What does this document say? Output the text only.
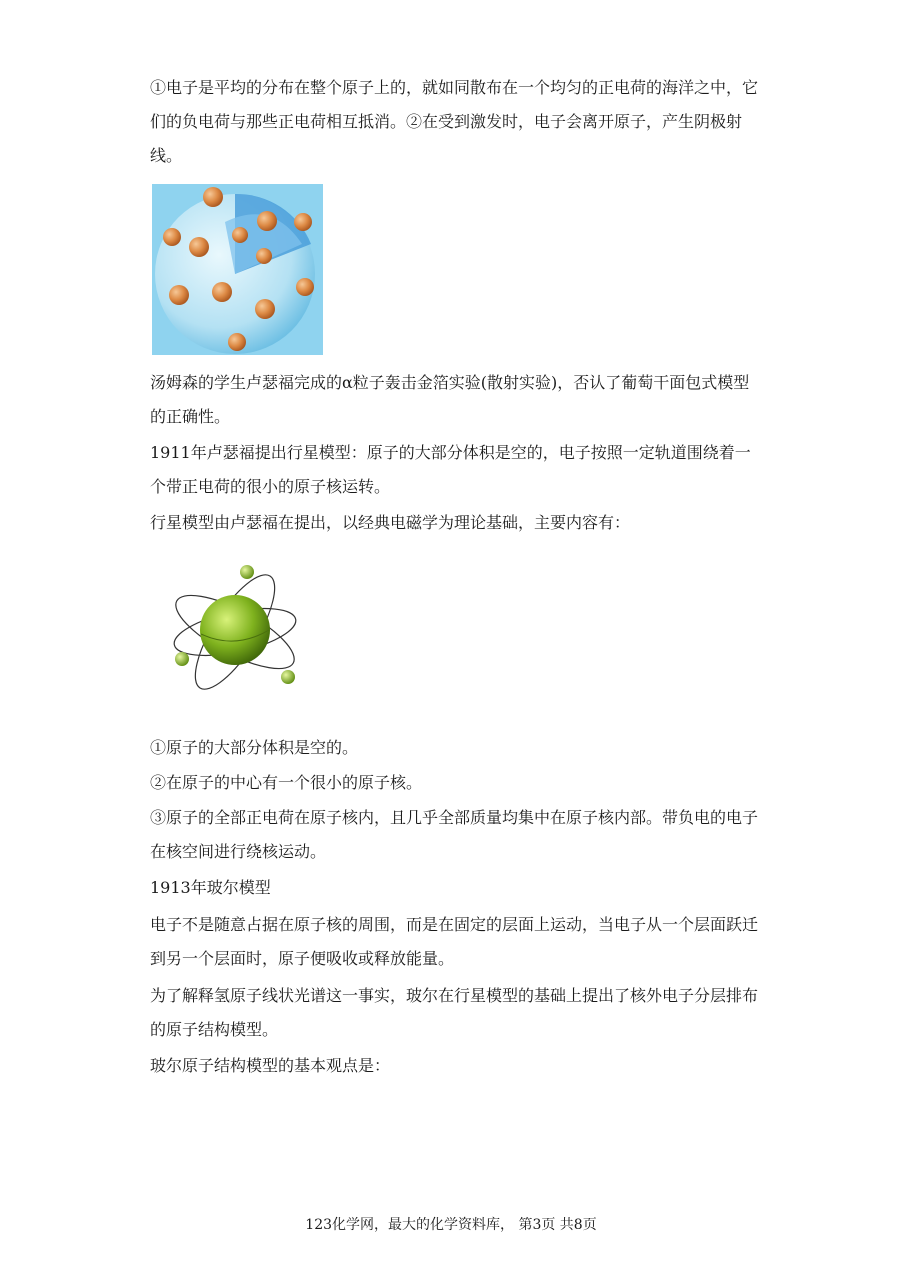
①电子是平均的分布在整个原子上的，就如同散布在一个均匀的正电荷的海洋之中，它们的负电荷与那些正电荷相互抵消。②在受到激发时，电子会离开原子，产生阴极射线。

汤姆森的学生卢瑟福完成的α粒子轰击金箔实验(散射实验)，否认了葡萄干面包式模型的正确性。

1911年卢瑟福提出行星模型：原子的大部分体积是空的，电子按照一定轨道围绕着一个带正电荷的很小的原子核运转。

行星模型由卢瑟福在提出，以经典电磁学为理论基础，主要内容有：

①原子的大部分体积是空的。

②在原子的中心有一个很小的原子核。

③原子的全部正电荷在原子核内，且几乎全部质量均集中在原子核内部。带负电的电子在核空间进行绕核运动。

1913年玻尔模型

电子不是随意占据在原子核的周围，而是在固定的层面上运动，当电子从一个层面跃迁到另一个层面时，原子便吸收或释放能量。

为了解释氢原子线状光谱这一事实，玻尔在行星模型的基础上提出了核外电子分层排布的原子结构模型。

玻尔原子结构模型的基本观点是：

123化学网，最大的化学资料库， 第3页 共8页
